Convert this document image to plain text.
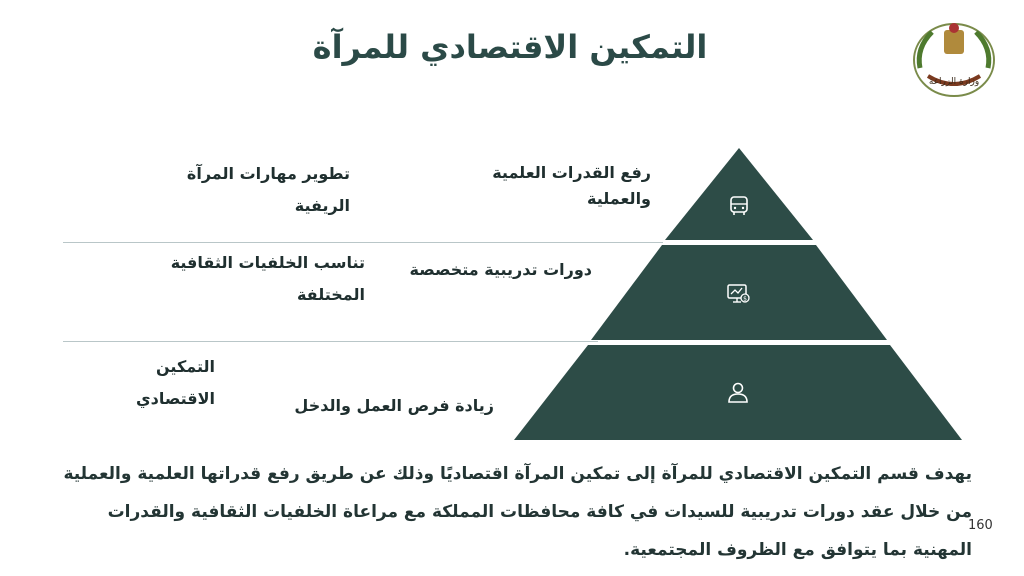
التمكين الاقتصادي للمرآة
وزارة الزراعة
$
رفع القدرات العلمية والعملية
دورات تدريبية متخصصة
زيادة فرص العمل والدخل
تطوير مهارات المرآة الريفية
تناسب الخلفيات الثقافية المختلفة
التمكين الاقتصادي
يهدف قسم التمكين الاقتصادي للمرآة إلى تمكين المرآة اقتصاديًا وذلك عن طريق رفع قدراتها العلمية والعملية من خلال عقد دورات تدريبية للسيدات في كافة محافظات المملكة مع مراعاة الخلفيات الثقافية والقدرات المهنية بما يتوافق مع الظروف المجتمعية.
160
